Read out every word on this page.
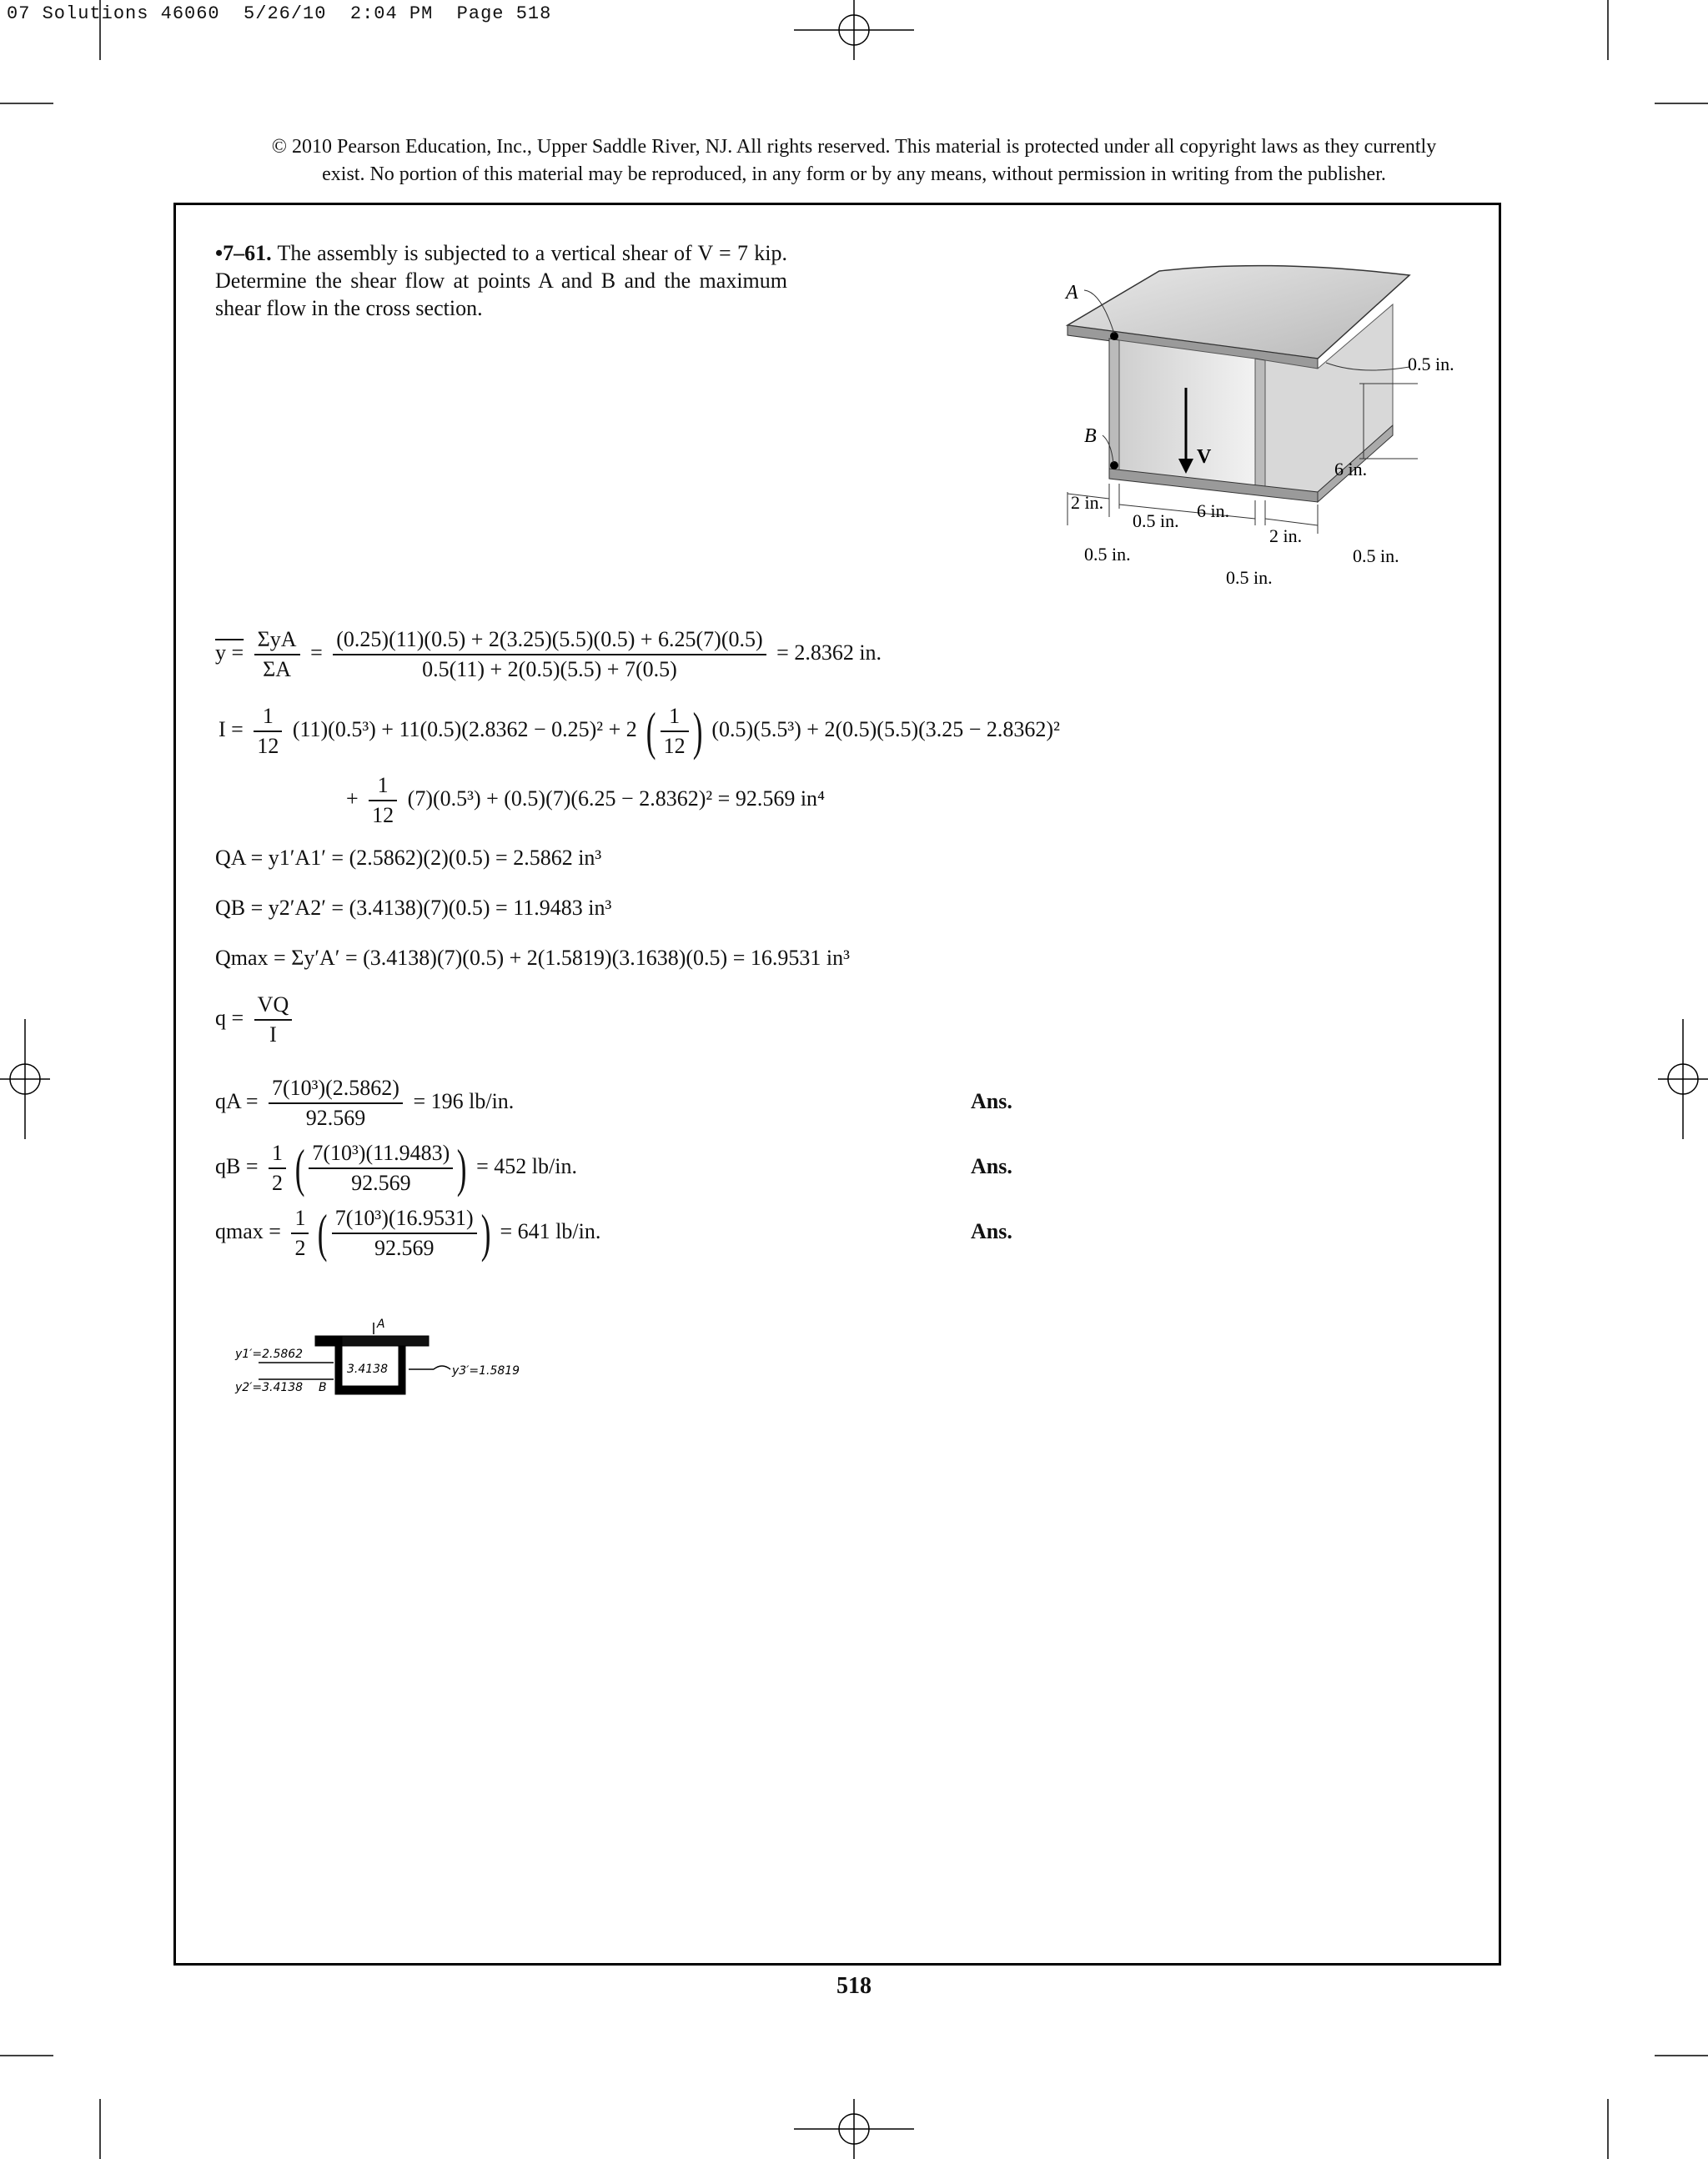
07 Solutions 46060  5/26/10  2:04 PM  Page 518
© 2010 Pearson Education, Inc., Upper Saddle River, NJ. All rights reserved. This material is protected under all copyright laws as they currently
exist. No portion of this material may be reproduced, in any form or by any means, without permission in writing from the publisher.
•7–61. The assembly is subjected to a vertical shear of V = 7 kip. Determine the shear flow at points A and B and the maximum shear flow in the cross section.
A
B
V
0.5 in.
6 in.
2 in.
0.5 in. 6 in.
2 in.
0.5 in.
0.5 in.
0.5 in.
$y = \frac{\text{ΣyA}}{\Sigma A} = \frac{(0.25)(11)(0.5) + 2(3.25)(5.5)(0.5) + 6.25(7)(0.5)}{0.5(11) + 2(0.5)(5.5) + 7(0.5)} = 2.8362$ in.
$I = \frac{1}{12} (11)(0.5^3) + 11(0.5)(2.8362 - 0.25)^2 + 2$ ( $\frac{1}{12}$ ) (0.5)(5.5³) + 2(0.5)(5.5)(3.25 − 2.8362)²
+ $\frac{1}{12} (7)(0.5^3) + (0.5)(7)(6.25 - 2.8362)^2 = 92.569$ in⁴
QA = y1′A1′ = (2.5862)(2)(0.5) = 2.5862 in³
QB = y2′A2′ = (3.4138)(7)(0.5) = 11.9483 in³
Qmax = Σy′A′ = (3.4138)(7)(0.5) + 2(1.5819)(3.1638)(0.5) = 16.9531 in³
$q = \frac{VQ}{I}$
qA = $\frac{\text{7(10³)(2.5862)}}{92.569} = 196$ lb/in.	Ans.
qB = $\frac{1}{2}$ ( $\frac{\text{7(10³)(11.9483)}}{92.569}$ ) = 452 lb/in.	Ans.
$qmax = \frac{1}{2}$ ( $\frac{\text{7(10³)(16.9531)}}{92.569}$ ) = 641 lb/in.	Ans.
A
B
y1′=2.5862
y2′=3.4138
y3′=1.5819
3.4138
518
